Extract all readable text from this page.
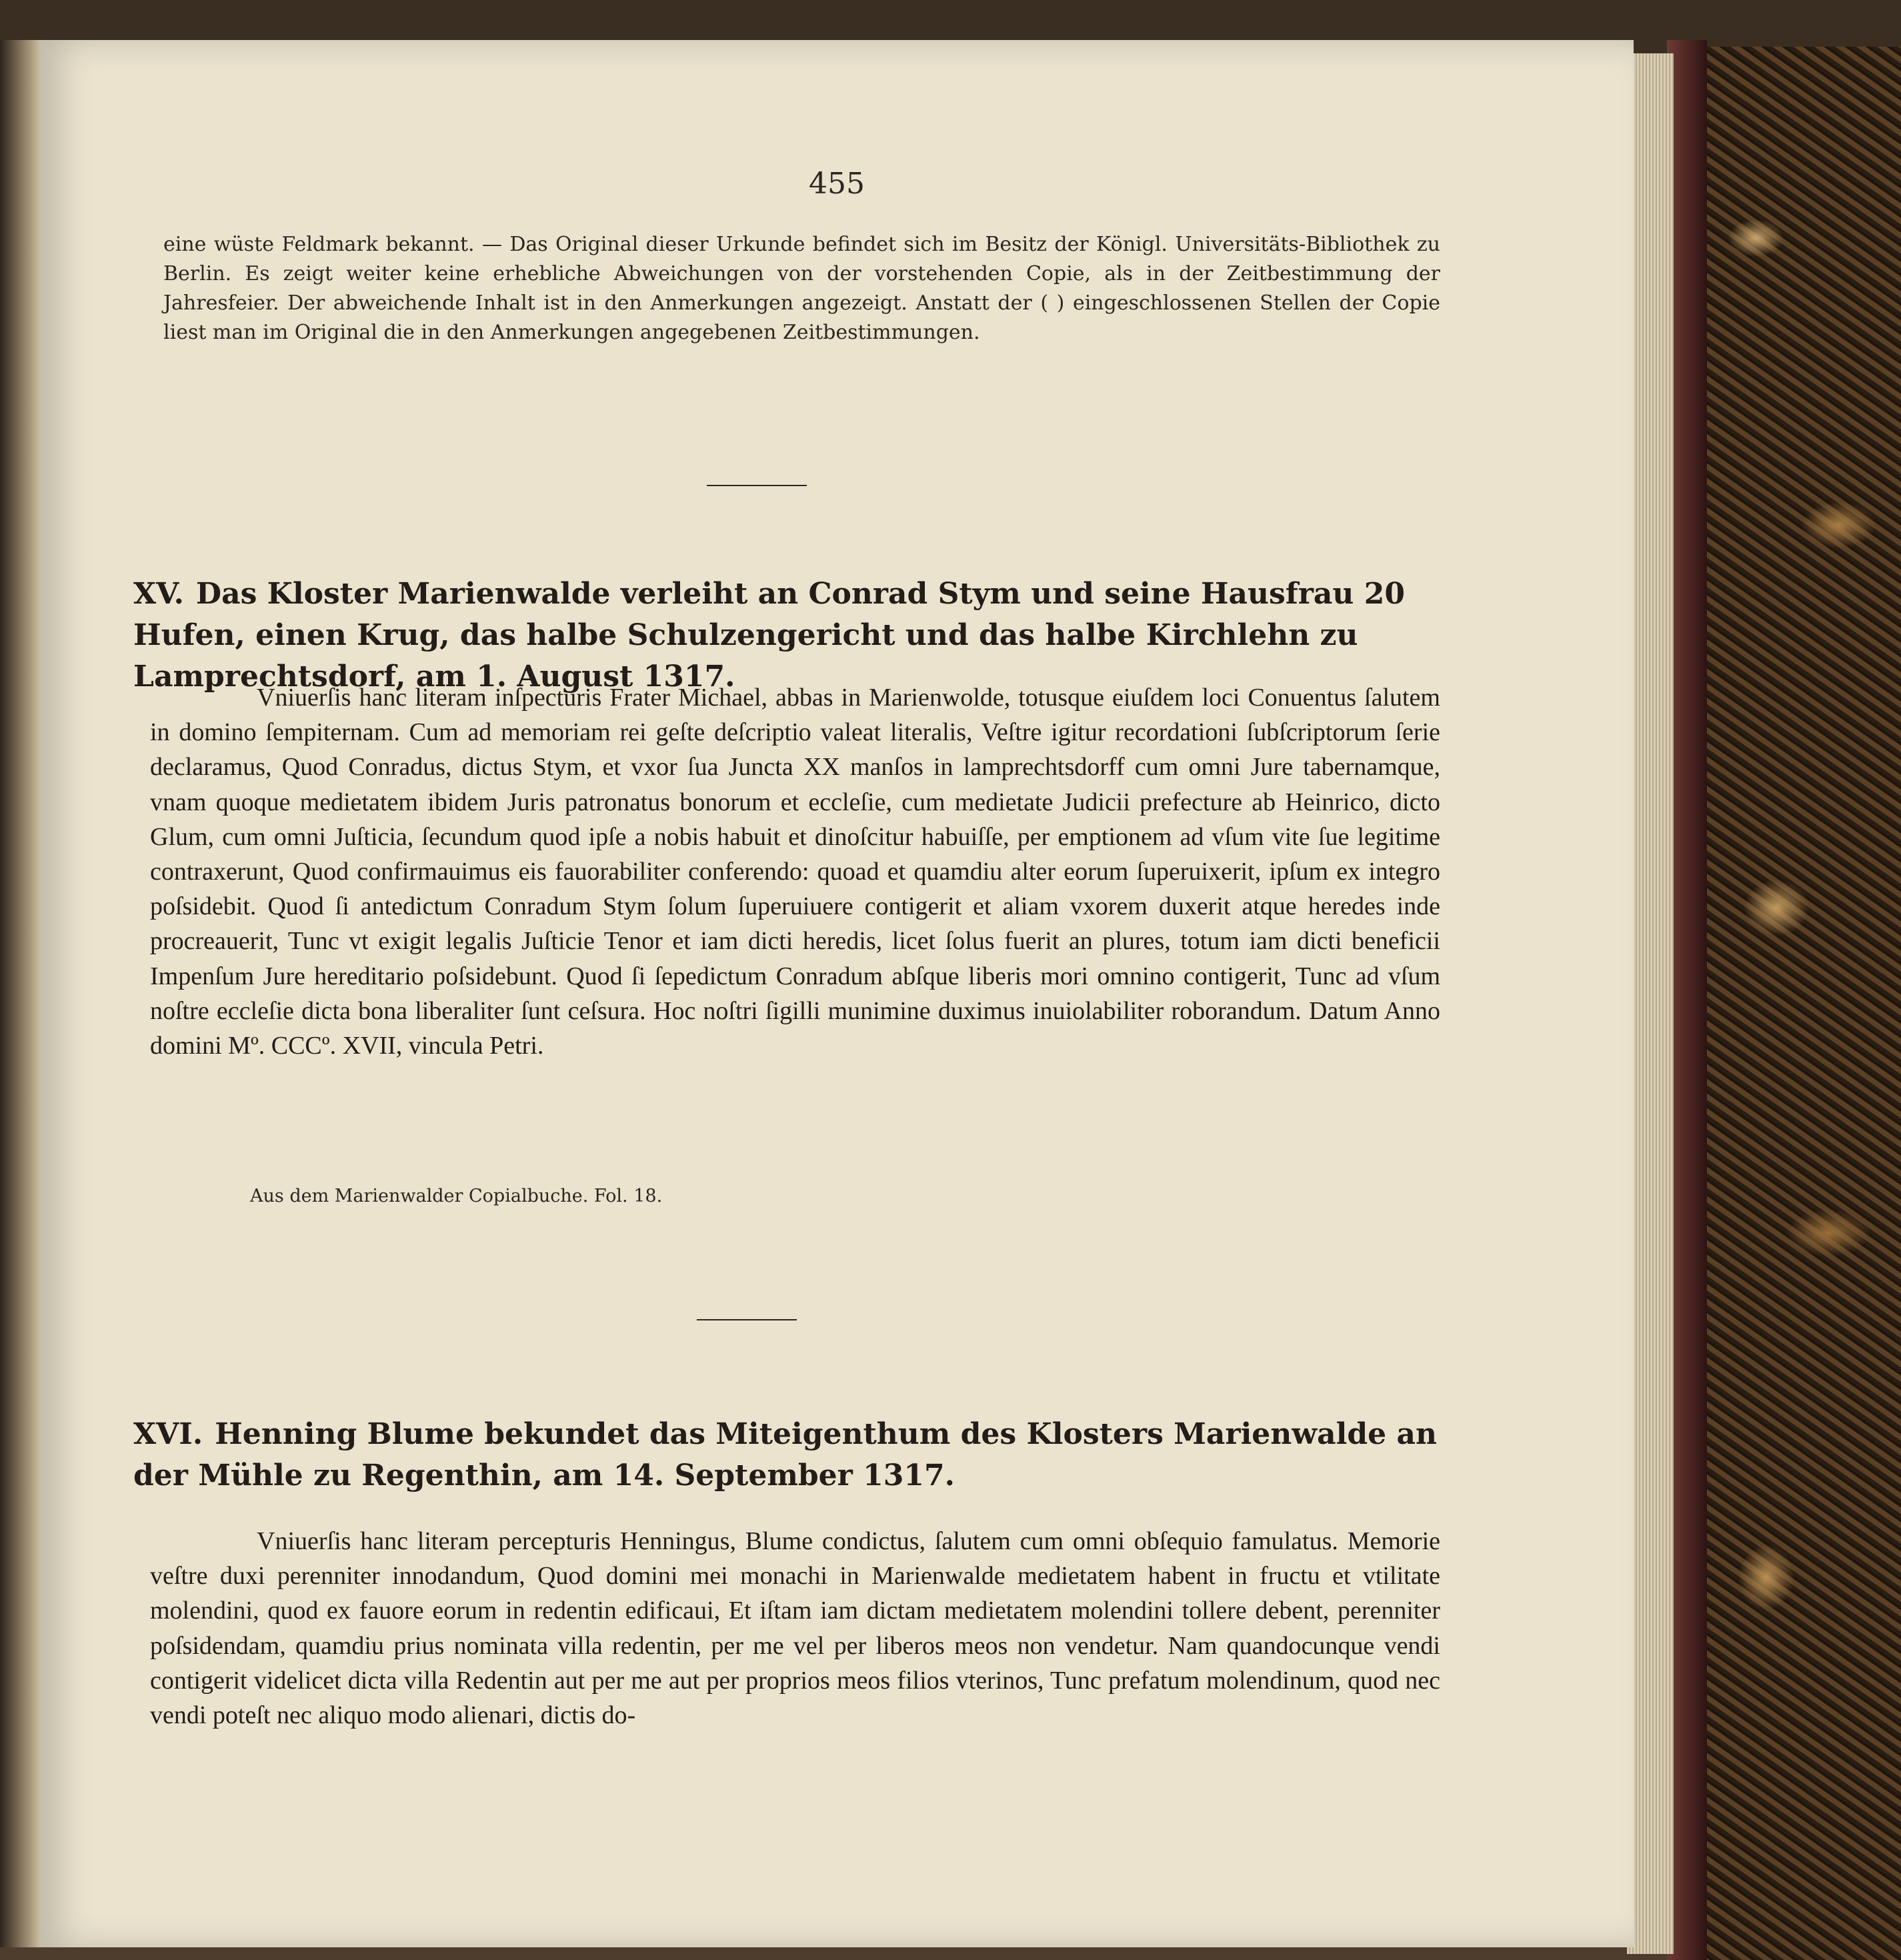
455

eine wüste Feldmark bekannt. — Das Original dieser Urkunde befindet sich im Besitz der Königl. Universitäts-Bibliothek zu Berlin. Es zeigt weiter keine erhebliche Abweichungen von der vorstehenden Copie, als in der Zeitbestimmung der Jahresfeier. Der abweichende Inhalt ist in den Anmerkungen angezeigt. Anstatt der ( ) eingeschlossenen Stellen der Copie liest man im Original die in den Anmerkungen angegebenen Zeitbestimmungen.

XV. Das Kloster Marienwalde verleiht an Conrad Stym und seine Hausfrau 20 Hufen, einen Krug, das halbe Schulzengericht und das halbe Kirchlehn zu Lamprechtsdorf, am 1. August 1317.

Vniuerſis hanc literam inſpecturis Frater Michael, abbas in Marienwolde, totusque eiuſdem loci Conuentus ſalutem in domino ſempiternam. Cum ad memoriam rei geſte deſcriptio valeat literalis, Veſtre igitur recordationi ſubſcriptorum ſerie declaramus, Quod Conradus, dictus Stym, et vxor ſua Juncta XX manſos in lamprechtsdorff cum omni Jure tabernamque, vnam quoque medietatem ibidem Juris patronatus bonorum et eccleſie, cum medietate Judicii prefecture ab Heinrico, dicto Glum, cum omni Juſticia, ſecundum quod ipſe a nobis habuit et dinoſcitur habuiſſe, per emptionem ad vſum vite ſue legitime contraxerunt, Quod confirmauimus eis fauorabiliter conferendo: quoad et quamdiu alter eorum ſuperuixerit, ipſum ex integro poſsidebit. Quod ſi antedictum Conradum Stym ſolum ſuperuiuere contigerit et aliam vxorem duxerit atque heredes inde procreauerit, Tunc vt exigit legalis Juſticie Tenor et iam dicti heredis, licet ſolus fuerit an plures, totum iam dicti beneficii Impenſum Jure hereditario poſsidebunt. Quod ſi ſepedictum Conradum abſque liberis mori omnino contigerit, Tunc ad vſum noſtre eccleſie dicta bona liberaliter ſunt ceſsura. Hoc noſtri ſigilli munimine duximus inuiolabiliter roborandum. Datum Anno domini Mº. CCCº. XVII, vincula Petri.

Aus dem Marienwalder Copialbuche. Fol. 18.
XVI. Henning Blume bekundet das Miteigenthum des Klosters Marienwalde an der Mühle zu Regenthin, am 14. September 1317.

Vniuerſis hanc literam percepturis Henningus, Blume condictus, ſalutem cum omni obſequio famulatus. Memorie veſtre duxi perenniter innodandum, Quod domini mei monachi in Marienwalde medietatem habent in fructu et vtilitate molendini, quod ex fauore eorum in redentin edificaui, Et iſtam iam dictam medietatem molendini tollere debent, perenniter poſsidendam, quamdiu prius nominata villa redentin, per me vel per liberos meos non vendetur. Nam quandocunque vendi contigerit videlicet dicta villa Redentin aut per me aut per proprios meos filios vterinos, Tunc prefatum molendinum, quod nec vendi poteſt nec aliquo modo alienari, dictis do-
